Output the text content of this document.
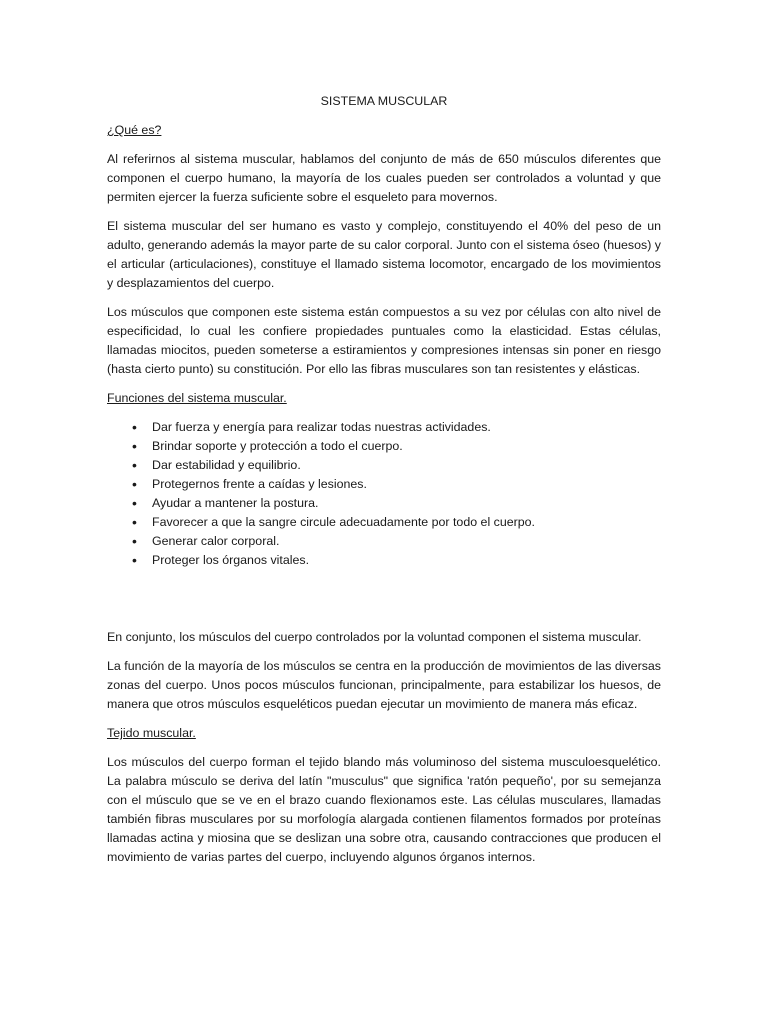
SISTEMA MUSCULAR
¿Qué es?

Al referirnos al sistema muscular, hablamos del conjunto de más de 650 músculos diferentes que componen el cuerpo humano, la mayoría de los cuales pueden ser controlados a voluntad y que permiten ejercer la fuerza suficiente sobre el esqueleto para movernos.

El sistema muscular del ser humano es vasto y complejo, constituyendo el 40% del peso de un adulto, generando además la mayor parte de su calor corporal. Junto con el sistema óseo (huesos) y el articular (articulaciones), constituye el llamado sistema locomotor, encargado de los movimientos y desplazamientos del cuerpo.

Los músculos que componen este sistema están compuestos a su vez por células con alto nivel de especificidad, lo cual les confiere propiedades puntuales como la elasticidad. Estas células, llamadas miocitos, pueden someterse a estiramientos y compresiones intensas sin poner en riesgo (hasta cierto punto) su constitución. Por ello las fibras musculares son tan resistentes y elásticas.

Funciones del sistema muscular.
• Dar fuerza y energía para realizar todas nuestras actividades.
• Brindar soporte y protección a todo el cuerpo.
• Dar estabilidad y equilibrio.
• Protegernos frente a caídas y lesiones.
• Ayudar a mantener la postura.
• Favorecer a que la sangre circule adecuadamente por todo el cuerpo.
• Generar calor corporal.
• Proteger los órganos vitales.

En conjunto, los músculos del cuerpo controlados por la voluntad componen el sistema muscular.

La función de la mayoría de los músculos se centra en la producción de movimientos de las diversas zonas del cuerpo. Unos pocos músculos funcionan, principalmente, para estabilizar los huesos, de manera que otros músculos esqueléticos puedan ejecutar un movimiento de manera más eficaz.

Tejido muscular.

Los músculos del cuerpo forman el tejido blando más voluminoso del sistema musculoesquelético. La palabra músculo se deriva del latín "musculus" que significa 'ratón pequeño', por su semejanza con el músculo que se ve en el brazo cuando flexionamos este. Las células musculares, llamadas también fibras musculares por su morfología alargada contienen filamentos formados por proteínas llamadas actina y miosina que se deslizan una sobre otra, causando contracciones que producen el movimiento de varias partes del cuerpo, incluyendo algunos órganos internos.
